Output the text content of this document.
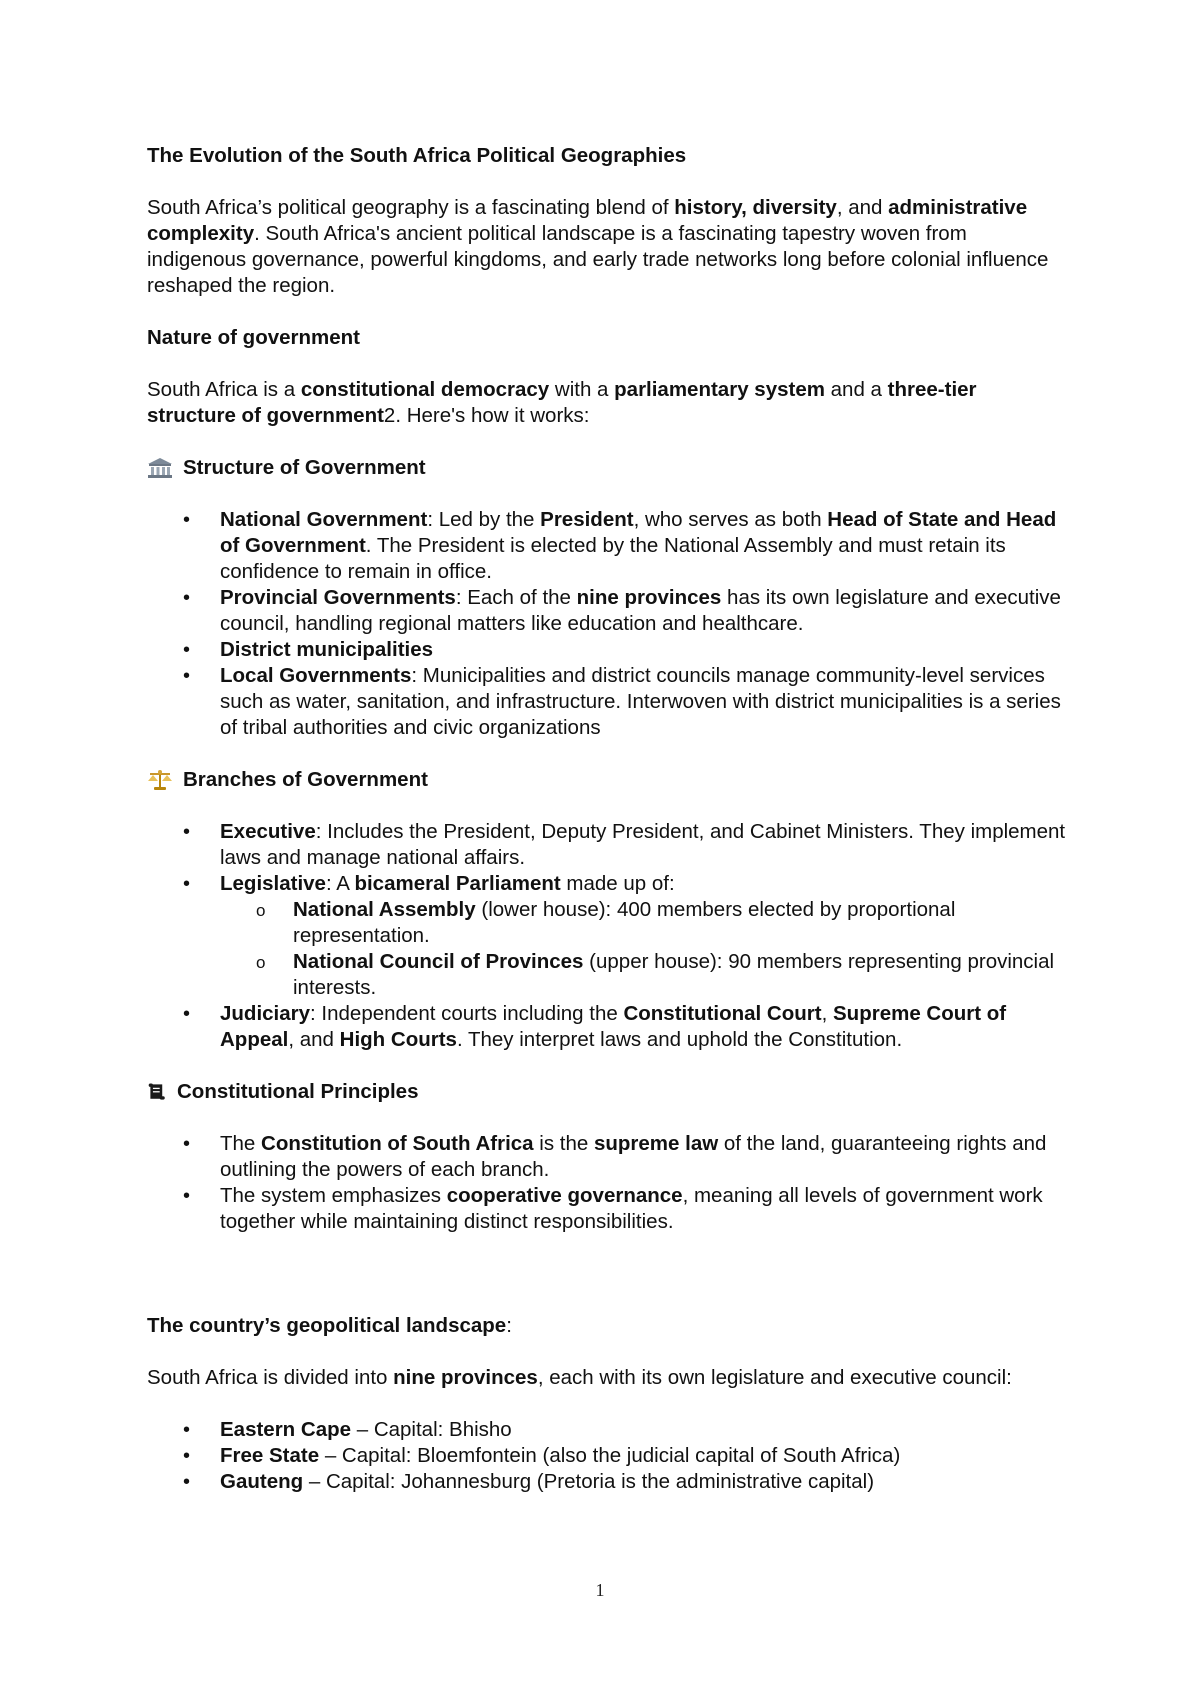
The Evolution of the South Africa Political Geographies

South Africa’s political geography is a fascinating blend of history, diversity, and administrative complexity. South Africa's ancient political landscape is a fascinating tapestry woven from indigenous governance, powerful kingdoms, and early trade networks long before colonial influence reshaped the region.

Nature of government

South Africa is a constitutional democracy with a parliamentary system and a three-tier structure of government2. Here's how it works:

Structure of Government
• National Government: Led by the President, who serves as both Head of State and Head of Government. The President is elected by the National Assembly and must retain its confidence to remain in office.
• Provincial Governments: Each of the nine provinces has its own legislature and executive council, handling regional matters like education and healthcare.
• District municipalities
• Local Governments: Municipalities and district councils manage community-level services such as water, sanitation, and infrastructure. Interwoven with district municipalities is a series of tribal authorities and civic organizations
Branches of Government
• Executive: Includes the President, Deputy President, and Cabinet Ministers. They implement laws and manage national affairs.
• Legislative: A bicameral Parliament made up of:
o National Assembly (lower house): 400 members elected by proportional representation.
o National Council of Provinces (upper house): 90 members representing provincial interests.
• Judiciary: Independent courts including the Constitutional Court, Supreme Court of Appeal, and High Courts. They interpret laws and uphold the Constitution.
Constitutional Principles
• The Constitution of South Africa is the supreme law of the land, guaranteeing rights and outlining the powers of each branch.
• The system emphasizes cooperative governance, meaning all levels of government work together while maintaining distinct responsibilities.

The country’s geopolitical landscape:

South Africa is divided into nine provinces, each with its own legislature and executive council:

• Eastern Cape – Capital: Bhisho
• Free State – Capital: Bloemfontein (also the judicial capital of South Africa)
• Gauteng – Capital: Johannesburg (Pretoria is the administrative capital)
1
